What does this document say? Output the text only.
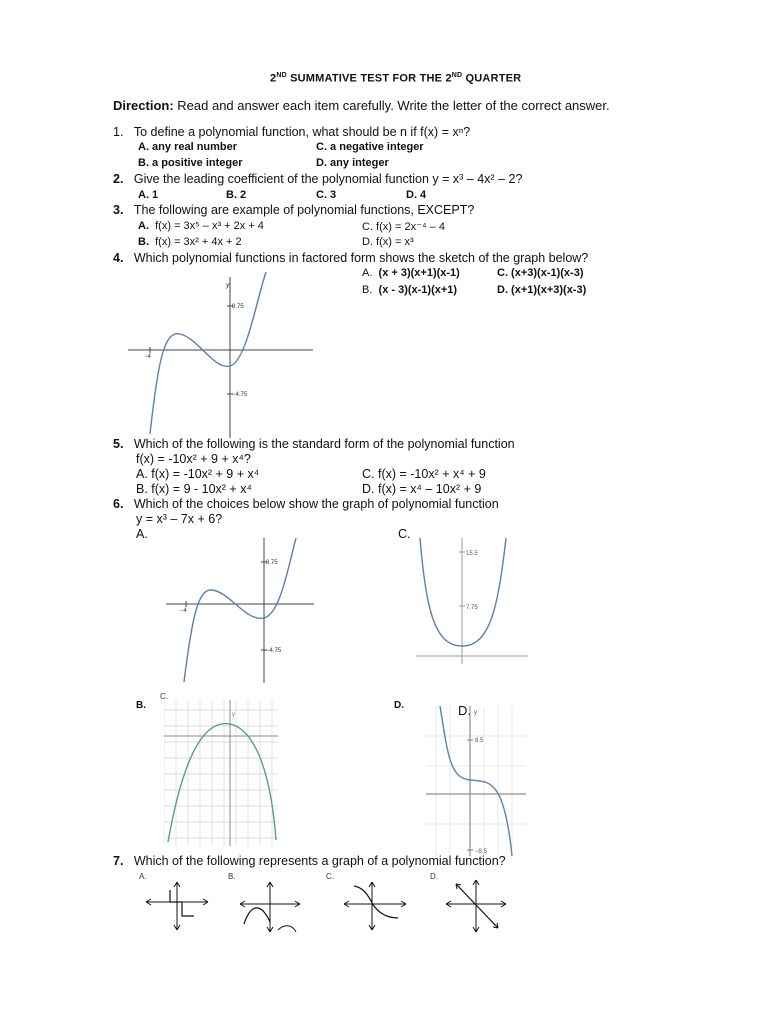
2ND SUMMATIVE TEST FOR THE 2ND QUARTER
Direction: Read and answer each item carefully. Write the letter of the correct answer.
1. To define a polynomial function, what should be n if f(x) = xⁿ?
A. any real number	C. a negative integer
B. a positive integer	D. any integer
2. Give the leading coefficient of the polynomial function y = x³ – 4x² – 2?
A. 1	B. 2	C. 3	D. 4
3. The following are example of polynomial functions, EXCEPT?
A. f(x) = 3x⁵ – x³ + 2x + 4	C. f(x) = 2x⁻⁴ – 4
B. f(x) = 3x² + 4x + 2	D. f(x) = x³
4. Which polynomial functions in factored form shows the sketch of the graph below?
A. (x + 3)(x+1)(x-1)	C. (x+3)(x-1)(x-3)
B. (x - 3)(x-1)(x+1)	D. (x+1)(x+3)(x-3)
y
8.75
−4.75
−4
5. Which of the following is the standard form of the polynomial function
f(x) = -10x² + 9 + x⁴?
A. f(x) = -10x² + 9 + x⁴	C. f(x) = -10x² + x⁴ + 9
B. f(x) = 9 - 10x² + x⁴	D. f(x) = x⁴ – 10x² + 9
6. Which of the choices below show the graph of polynomial function
y = x³ – 7x + 6?
A.	C.
8.75
−4.75
−4
15.5
7.75
B.
C.
D.	D.
y	y
8.5
−8.5
7. Which of the following represents a graph of a polynomial function?
A.	B.	C.	D.
